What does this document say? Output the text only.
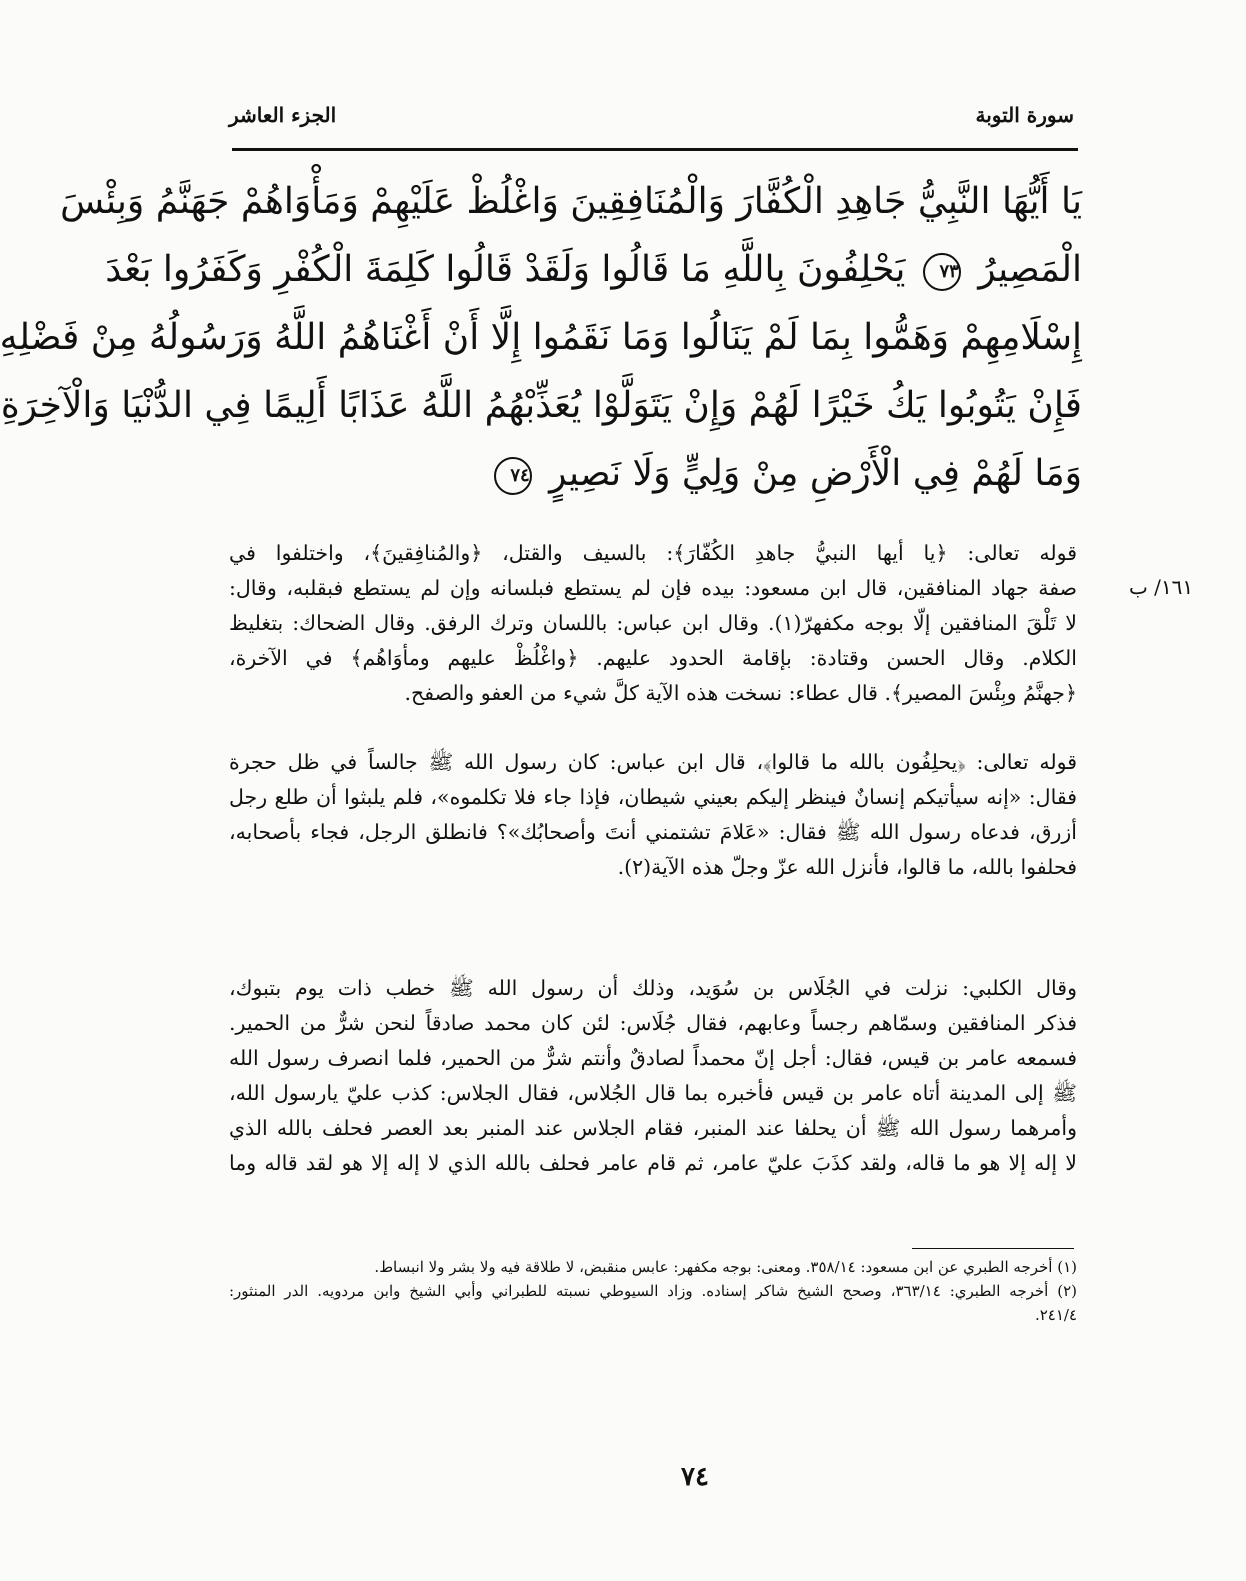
سورة التوبة
الجزء العاشر
يَا أَيُّهَا النَّبِيُّ جَاهِدِ الْكُفَّارَ وَالْمُنَافِقِينَ وَاغْلُظْ عَلَيْهِمْ وَمَأْوَاهُمْ جَهَنَّمُ وَبِئْسَ
الْمَصِيرُ ٧٣ يَحْلِفُونَ بِاللَّهِ مَا قَالُوا وَلَقَدْ قَالُوا كَلِمَةَ الْكُفْرِ وَكَفَرُوا بَعْدَ
إِسْلَامِهِمْ وَهَمُّوا بِمَا لَمْ يَنَالُوا وَمَا نَقَمُوا إِلَّا أَنْ أَغْنَاهُمُ اللَّهُ وَرَسُولُهُ مِنْ فَضْلِهِ
فَإِنْ يَتُوبُوا يَكُ خَيْرًا لَهُمْ وَإِنْ يَتَوَلَّوْا يُعَذِّبْهُمُ اللَّهُ عَذَابًا أَلِيمًا فِي الدُّنْيَا وَالْآخِرَةِ
وَمَا لَهُمْ فِي الْأَرْضِ مِنْ وَلِيٍّ وَلَا نَصِيرٍ ٧٤
١٦١/ ب
قوله تعالى: ﴿يا أيها النبيُّ جاهدِ الكُفّارَ﴾: بالسيف والقتل، ﴿والمُنافِقينَ﴾، واختلفوا في
صفة جهاد المنافقين، قال ابن مسعود: بيده فإن لم يستطع فبلسانه وإن لم يستطع فبقلبه، وقال:
لا تَلْقَ المنافقين إلّا بوجه مكفهرّ(١). وقال ابن عباس: باللسان وترك الرفق. وقال الضحاك: بتغليظ
الكلام. وقال الحسن وقتادة: بإقامة الحدود عليهم. ﴿واغْلُظْ عليهم ومأوَاهُم﴾ في الآخرة،
﴿جهنَّمُ وبِئْسَ المصير﴾. قال عطاء: نسخت هذه الآية كلَّ شيء من العفو والصفح.
قوله تعالى: ﴿يحلِفُون بالله ما قالوا﴾، قال ابن عباس: كان رسول الله ﷺ جالساً في ظل حجرة
فقال: «إنه سيأتيكم إنسانٌ فينظر إليكم بعيني شيطان، فإذا جاء فلا تكلموه»، فلم يلبثوا أن طلع رجل
أزرق، فدعاه رسول الله ﷺ فقال: «عَلامَ تشتمني أنتَ وأصحابُك»؟ فانطلق الرجل، فجاء بأصحابه،
فحلفوا بالله، ما قالوا، فأنزل الله عزّ وجلّ هذه الآية(٢).
وقال الكلبي: نزلت في الجُلَاس بن سُوَيد، وذلك أن رسول الله ﷺ خطب ذات يوم بتبوك،
فذكر المنافقين وسمّاهم رجساً وعابهم، فقال جُلَاس: لئن كان محمد صادقاً لنحن شرٌّ من الحمير.
فسمعه عامر بن قيس، فقال: أجل إنّ محمداً لصادقٌ وأنتم شرٌّ من الحمير، فلما انصرف رسول الله
ﷺ إلى المدينة أتاه عامر بن قيس فأخبره بما قال الجُلاس، فقال الجلاس: كذب عليّ يارسول الله،
وأمرهما رسول الله ﷺ أن يحلفا عند المنبر، فقام الجلاس عند المنبر بعد العصر فحلف بالله الذي
لا إله إلا هو ما قاله، ولقد كذَبَ عليّ عامر، ثم قام عامر فحلف بالله الذي لا إله إلا هو لقد قاله وما
(١) أخرجه الطبري عن ابن مسعود: ٣٥٨/١٤. ومعنى: بوجه مكفهر: عابس منقبض، لا طلاقة فيه ولا بشر ولا انبساط.
(٢) أخرجه الطبري: ٣٦٣/١٤، وصحح الشيخ شاكر إسناده. وزاد السيوطي نسبته للطبراني وأبي الشيخ وابن مردويه. الدر المنثور:
٢٤١/٤.
٧٤
